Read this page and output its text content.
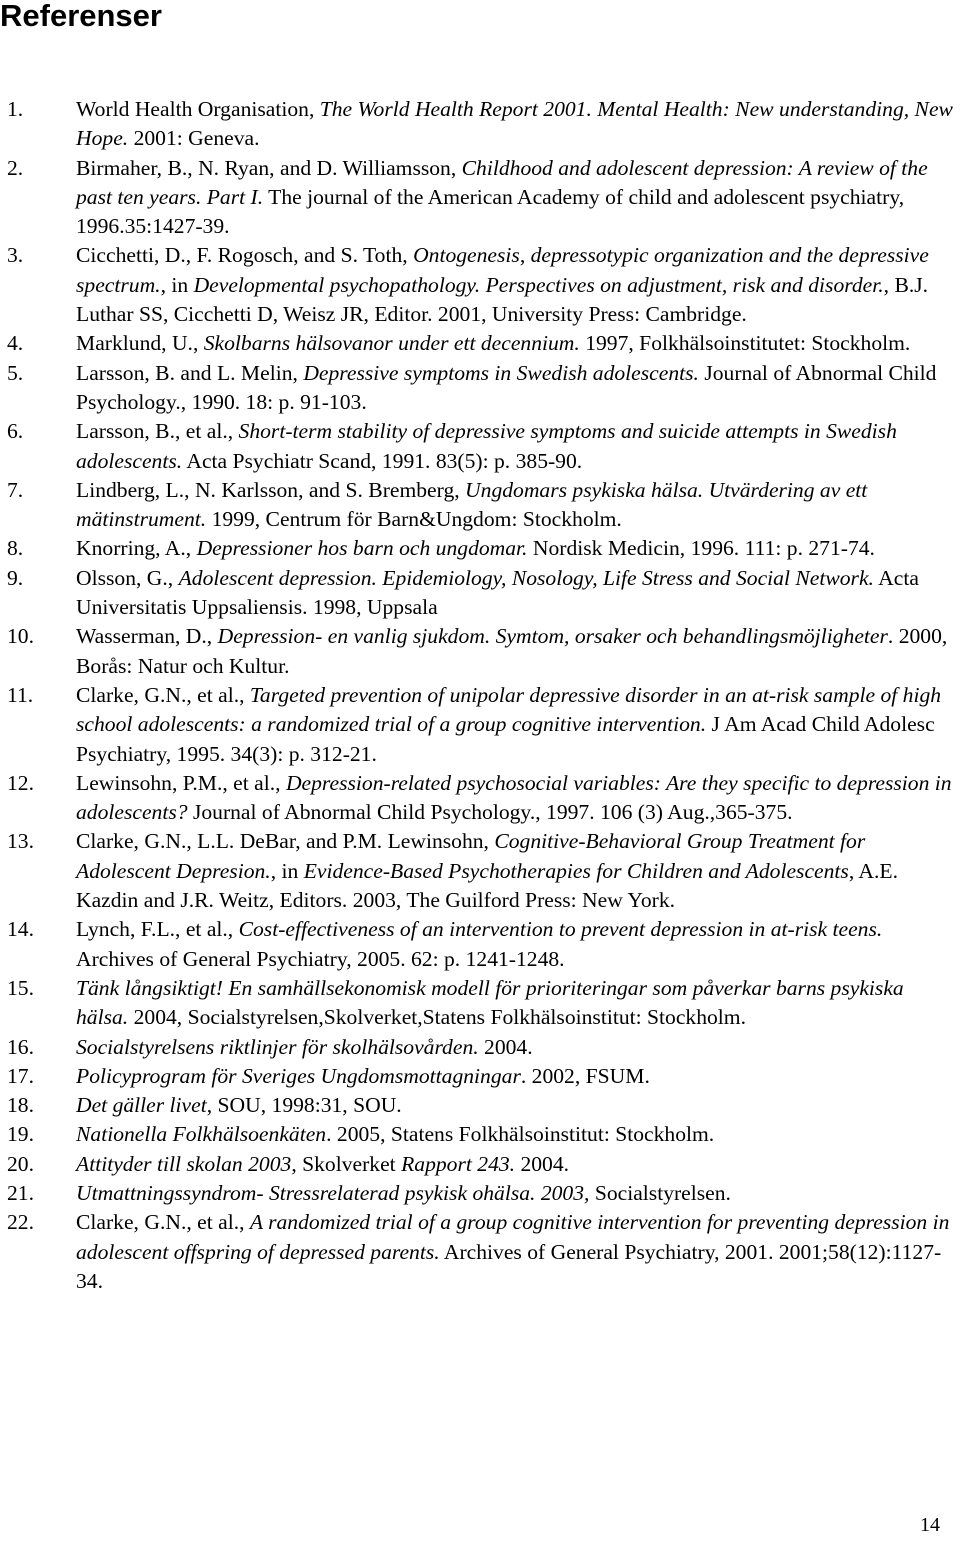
Referenser
1. World Health Organisation, The World Health Report 2001. Mental Health: New understanding, New Hope. 2001: Geneva.
2. Birmaher, B., N. Ryan, and D. Williamsson, Childhood and adolescent depression: A review of the past ten years. Part I. The journal of the American Academy of child and adolescent psychiatry, 1996.35:1427-39.
3. Cicchetti, D., F. Rogosch, and S. Toth, Ontogenesis, depressotypic organization and the depressive spectrum., in Developmental psychopathology. Perspectives on adjustment, risk and disorder., B.J. Luthar SS, Cicchetti D, Weisz JR, Editor. 2001, University Press: Cambridge.
4. Marklund, U., Skolbarns hälsovanor under ett decennium. 1997, Folkhälsoinstitutet: Stockholm.
5. Larsson, B. and L. Melin, Depressive symptoms in Swedish adolescents. Journal of Abnormal Child Psychology., 1990. 18: p. 91-103.
6. Larsson, B., et al., Short-term stability of depressive symptoms and suicide attempts in Swedish adolescents. Acta Psychiatr Scand, 1991. 83(5): p. 385-90.
7. Lindberg, L., N. Karlsson, and S. Bremberg, Ungdomars psykiska hälsa. Utvärdering av ett mätinstrument. 1999, Centrum för Barn&Ungdom: Stockholm.
8. Knorring, A., Depressioner hos barn och ungdomar. Nordisk Medicin, 1996. 111: p. 271-74.
9. Olsson, G., Adolescent depression. Epidemiology, Nosology, Life Stress and Social Network. Acta Universitatis Uppsaliensis. 1998, Uppsala
10. Wasserman, D., Depression- en vanlig sjukdom. Symtom, orsaker och behandlingsmöjligheter. 2000, Borås: Natur och Kultur.
11. Clarke, G.N., et al., Targeted prevention of unipolar depressive disorder in an at-risk sample of high school adolescents: a randomized trial of a group cognitive intervention. J Am Acad Child Adolesc Psychiatry, 1995. 34(3): p. 312-21.
12. Lewinsohn, P.M., et al., Depression-related psychosocial variables: Are they specific to depression in adolescents? Journal of Abnormal Child Psychology., 1997. 106 (3) Aug.,365-375.
13. Clarke, G.N., L.L. DeBar, and P.M. Lewinsohn, Cognitive-Behavioral Group Treatment for Adolescent Depresion., in Evidence-Based Psychotherapies for Children and Adolescents, A.E. Kazdin and J.R. Weitz, Editors. 2003, The Guilford Press: New York.
14. Lynch, F.L., et al., Cost-effectiveness of an intervention to prevent depression in at-risk teens. Archives of General Psychiatry, 2005. 62: p. 1241-1248.
15. Tänk långsiktigt! En samhällsekonomisk modell för prioriteringar som påverkar barns psykiska hälsa. 2004, Socialstyrelsen,Skolverket,Statens Folkhälsoinstitut: Stockholm.
16. Socialstyrelsens riktlinjer för skolhälsovården. 2004.
17. Policyprogram för Sveriges Ungdomsmottagningar. 2002, FSUM.
18. Det gäller livet, SOU, 1998:31, SOU.
19. Nationella Folkhälsoenkäten. 2005, Statens Folkhälsoinstitut: Stockholm.
20. Attityder till skolan 2003, Skolverket Rapport 243. 2004.
21. Utmattningssyndrom- Stressrelaterad psykisk ohälsa. 2003, Socialstyrelsen.
22. Clarke, G.N., et al., A randomized trial of a group cognitive intervention for preventing depression in adolescent offspring of depressed parents. Archives of General Psychiatry, 2001. 2001;58(12):1127-34.
14
